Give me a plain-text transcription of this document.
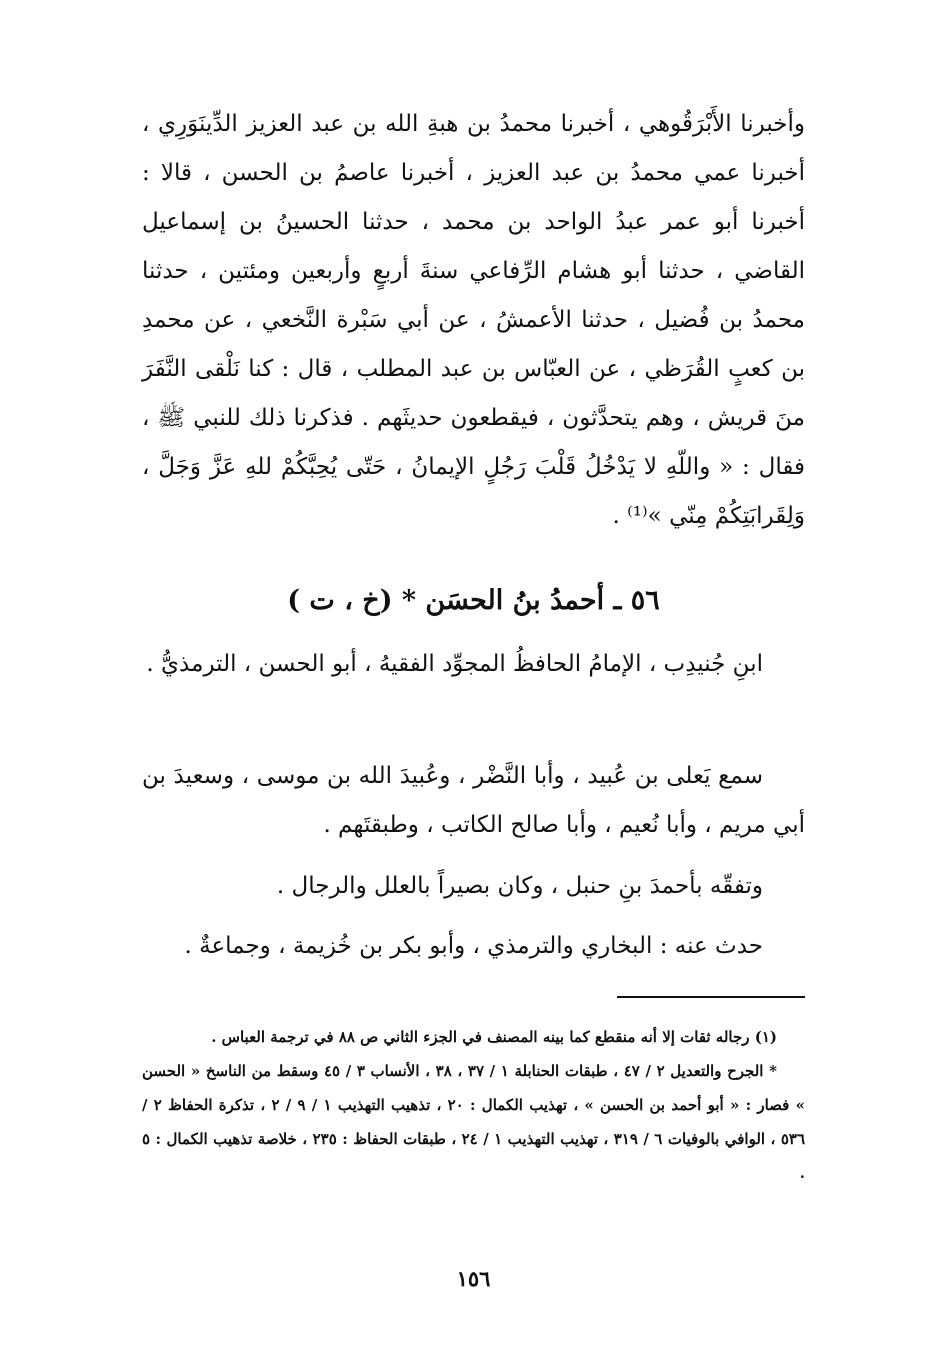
وأخبرنا الأَبْرَقُوهي ، أخبرنا محمدُ بن هبةِ الله بن عبد العزيز الدِّينَوَرِي ، أخبرنا عمي محمدُ بن عبد العزيز ، أخبرنا عاصمُ بن الحسن ، قالا : أخبرنا أبو عمر عبدُ الواحد بن محمد ، حدثنا الحسينُ بن إسماعيل القاضي ، حدثنا أبو هشام الرِّفاعي سنةَ أربعٍ وأربعين ومئتين ، حدثنا محمدُ بن فُضيل ، حدثنا الأعمشُ ، عن أبي سَبْرة النَّخعي ، عن محمدِ بن كعبٍ القُرَظي ، عن العبّاس بن عبد المطلب ، قال : كنا نَلْقى النَّفَرَ منَ قريش ، وهم يتحدَّثون ، فيقطعون حديثَهم . فذكرنا ذلك للنبي ﷺ ، فقال : « واللّهِ لا يَدْخُلُ قَلْبَ رَجُلٍ الإيمانُ ، حَتّى يُحِبَّكُمْ للهِ عَزَّ وَجَلَّ ، وَلِقَرابَتِكُمْ مِنّي »⁽¹⁾ .

٥٦ ـ أحمدُ بنُ الحسَن * (خ ، ت )

ابنِ جُنيدِب ، الإمامُ الحافظُ المجوِّد الفقيهُ ، أبو الحسن ، الترمذيُّ .

سمع يَعلى بن عُبيد ، وأبا النَّضْر ، وعُبيدَ الله بن موسى ، وسعيدَ بن أبي مريم ، وأبا نُعيم ، وأبا صالح الكاتب ، وطبقتَهم .

وتفقّه بأحمدَ بنِ حنبل ، وكان بصيراً بالعلل والرجال .

حدث عنه : البخاري والترمذي ، وأبو بكر بن خُزيمة ، وجماعةٌ .

(١) رجاله ثقات إلا أنه منقطع كما بينه المصنف في الجزء الثاني ص ٨٨ في ترجمة العباس .

* الجرح والتعديل ٢ / ٤٧ ، طبقات الحنابلة ١ / ٣٧ ، ٣٨ ، الأنساب ٣ / ٤٥ وسقط من الناسخ « الحسن » فصار : « أبو أحمد بن الحسن » ، تهذيب الكمال : ٢٠ ، تذهيب التهذيب ١ / ٩ / ٢ ، تذكرة الحفاظ ٢ / ٥٣٦ ، الوافي بالوفيات ٦ / ٣١٩ ، تهذيب التهذيب ١ / ٢٤ ، طبقات الحفاظ : ٢٣٥ ، خلاصة تذهيب الكمال : ٥ .

١٥٦
